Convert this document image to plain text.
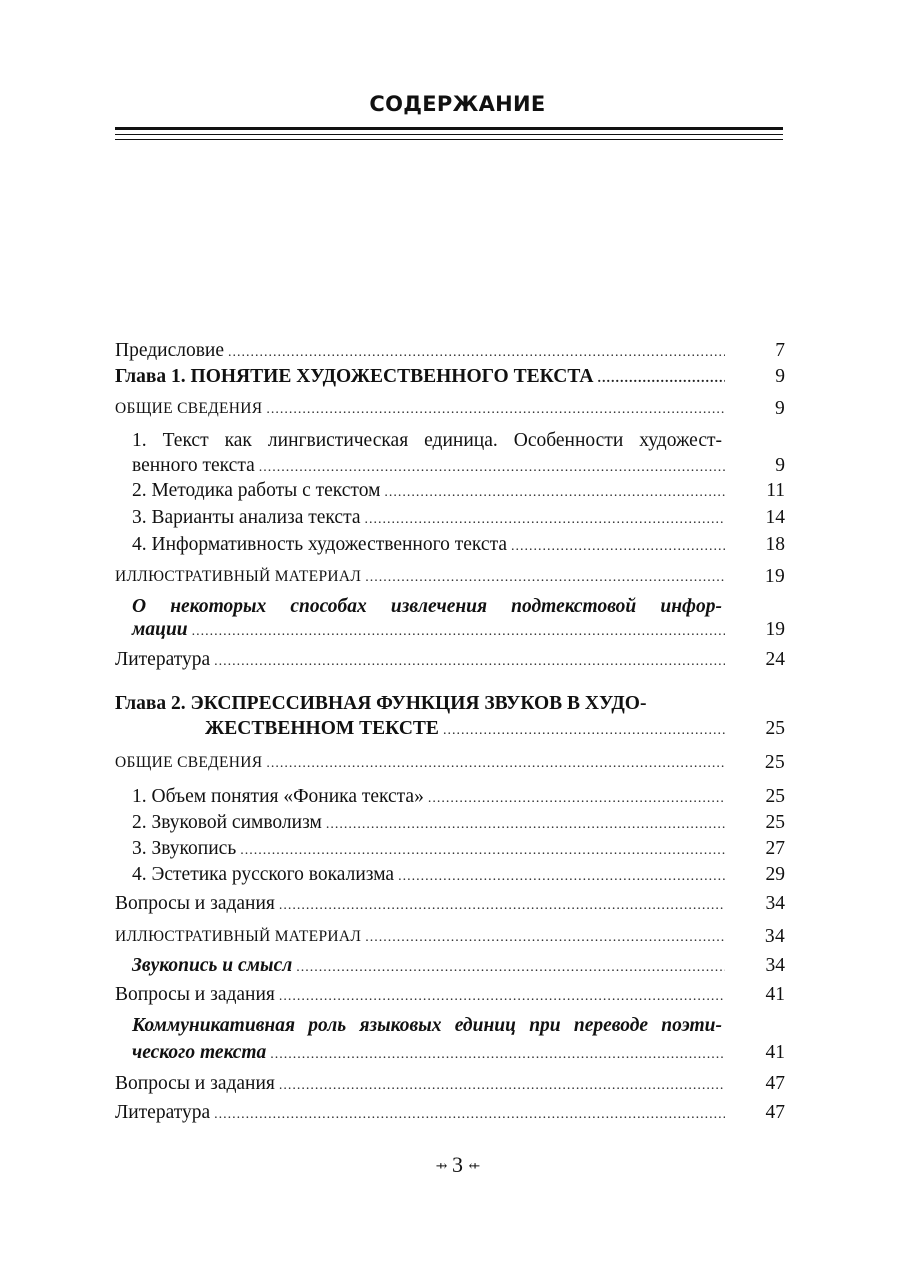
СОДЕРЖАНИЕ
Предисловие .....	7
Глава 1. ПОНЯТИЕ ХУДОЖЕСТВЕННОГО ТЕКСТА .....	9
ОБЩИЕ СВЕДЕНИЯ .....	9
1. Текст как лингвистическая единица. Особенности художест-
венного текста .....	9
2. Методика работы с текстом .....	11
3. Варианты анализа текста .....	14
4. Информативность художественного текста .....	18
ИЛЛЮСТРАТИВНЫЙ МАТЕРИАЛ .....	19
О некоторых способах извлечения подтекстовой инфор-
мации .....	19
Литература .....	24
Глава 2. ЭКСПРЕССИВНАЯ ФУНКЦИЯ ЗВУКОВ В ХУДО-
ЖЕСТВЕННОМ ТЕКСТЕ .....	25
ОБЩИЕ СВЕДЕНИЯ .....	25
1. Объем понятия «Фоника текста» .....	25
2. Звуковой символизм .....	25
3. Звукопись .....	27
4. Эстетика русского вокализма .....	29
Вопросы и задания .....	34
ИЛЛЮСТРАТИВНЫЙ МАТЕРИАЛ .....	34
Звукопись и смысл .....	34
Вопросы и задания .....	41
Коммуникативная роль языковых единиц при переводе поэти-
ческого текста .....	41
Вопросы и задания .....	47
Литература .....	47
⇸ 3 ⇷
